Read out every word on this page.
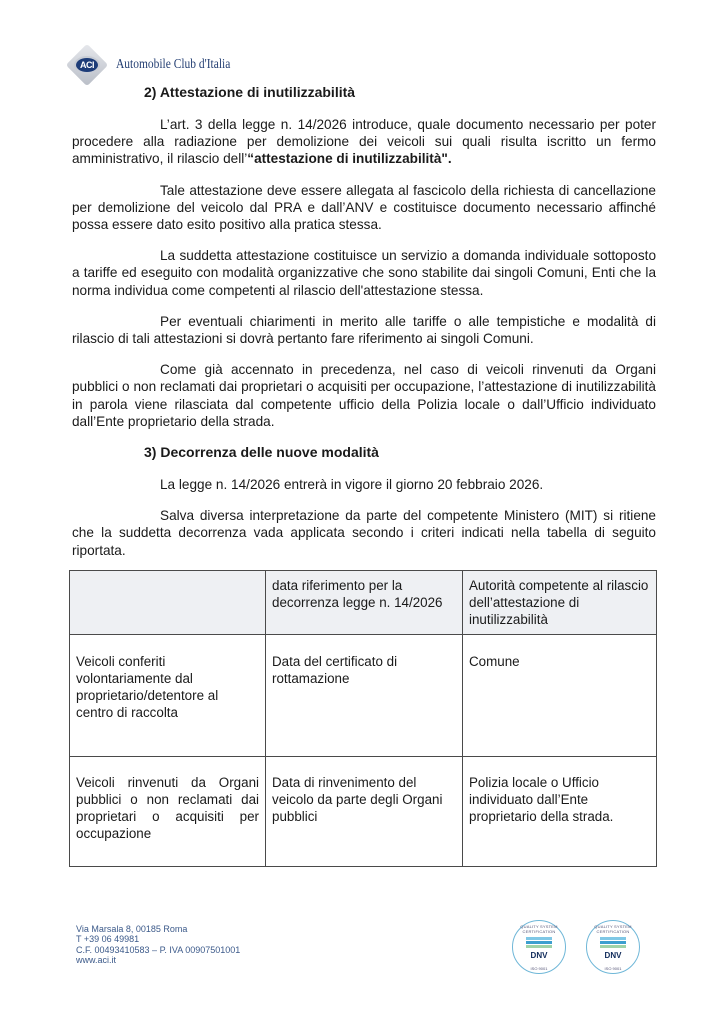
ACI	Automobile Club d'Italia
2) Attestazione di inutilizzabilità

L’art. 3 della legge n. 14/2026 introduce, quale documento necessario per poter procedere alla radiazione per demolizione dei veicoli sui quali risulta iscritto un fermo amministrativo, il rilascio dell’“attestazione di inutilizzabilità".

Tale attestazione deve essere allegata al fascicolo della richiesta di cancellazione per demolizione del veicolo dal PRA e dall’ANV e costituisce documento necessario affinché possa essere dato esito positivo alla pratica stessa.

La suddetta attestazione costituisce un servizio a domanda individuale sottoposto a tariffe ed eseguito con modalità organizzative che sono stabilite dai singoli Comuni, Enti che la norma individua come competenti al rilascio dell'attestazione stessa.

Per eventuali chiarimenti in merito alle tariffe o alle tempistiche e modalità di rilascio di tali attestazioni si dovrà pertanto fare riferimento ai singoli Comuni.

Come già accennato in precedenza, nel caso di veicoli rinvenuti da Organi pubblici o non reclamati dai proprietari o acquisiti per occupazione, l’attestazione di inutilizzabilità in parola viene rilasciata dal competente ufficio della Polizia locale o dall’Ufficio individuato dall’Ente proprietario della strada.

3) Decorrenza delle nuove modalità

La legge n. 14/2026 entrerà in vigore il giorno 20 febbraio 2026.

Salva diversa interpretazione da parte del competente Ministero (MIT) si ritiene che la suddetta decorrenza vada applicata secondo i criteri indicati nella tabella di seguito riportata.

	data riferimento per la decorrenza legge n. 14/2026	Autorità competente al rilascio dell’attestazione di inutilizzabilità
Veicoli conferiti volontariamente dal proprietario/detentore al centro di raccolta	Data del certificato di rottamazione	Comune
Veicoli rinvenuti da Organi pubblici o non reclamati dai proprietari o acquisiti per occupazione	Data di rinvenimento del veicolo da parte degli Organi pubblici	Polizia locale o Ufficio individuato dall’Ente proprietario della strada.
Via Marsala 8, 00185 Roma
T +39 06 49981
C.F. 00493410583 – P. IVA 00907501001
www.aci.it
QUALITY SYSTEM CERTIFICATION
DNV
ISO 9001
QUALITY SYSTEM CERTIFICATION
DNV
ISO 9001
